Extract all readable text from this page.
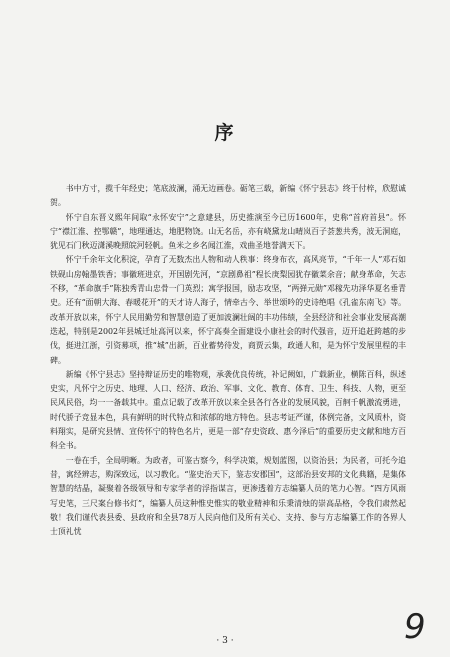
序

书中方寸，揽千年经史；笔底波澜，涌无边画卷。砺笔三载，新编《怀宁县志》终于付梓，欣慰诚贺。

怀宁自东晋义熙年间取“永怀安宁”之意建县，历史推演至今已历1600年，史称“首府首县”。怀宁“襟江淮、控鄂赣”，地理通达，地肥物饶。山无名岳，亦有峣黛龙山晴岚百子荟葱共秀，波无洞庭，犹见石门秋迈潇溪晚照皖河轻帆。鱼米之乡名闻江淮，戏曲圣地誉满天下。

怀宁千余年文化积淀，孕育了无数杰出人物和动人秩事：终身布衣，高风亮节，“千年一人”邓石如铁砚山房翰墨铁香；事徽班进京，开国剧先河，“京剧鼻祖”程长庚梨园犹存徽菜余音；献身革命，矢志不移，“革命旗手”陈独秀青山忠骨一门英烈；寓学报国，励志攻坚，“两弹元勋”邓稼先功泽华夏名垂青史。还有“面朝大海、春暖花开”的天才诗人海子，情牵古今、举世颂吟的史诗绝唱《孔雀东南飞》等。改革开放以来，怀宁人民用勤劳和智慧创造了更加波澜壮阔的丰功伟绩，全县经济和社会事业发展高潮迭起，特别是2002年县城迁址高河以来，怀宁高奏全面建设小康社会的时代强音，迈开追赶跨越的步伐，挺进江浙，引资募项，推“城”出新，百业蓄势待发，商贾云集，政通人和，是为怀宁发展里程的丰碑。

新编《怀宁县志》坚持辩证历史的唯物观，承袭优良传统，补记阙如，广载新业，横陈百科，纵述史实，凡怀宁之历史、地理、人口、经济、政治、军事、文化、教育、体育、卫生、科技、人物，更至民风民俗，均一一备载其中。重点记载了改革开放以来全县各行各业的发展风貌，百舸千帆激流勇进，时代骄子竞显本色，具有鲜明的时代特点和浓郁的地方特色。县志考证严谨，体例完备，文风质朴，资料翔实，是研究县情、宣传怀宁的特色名片，更是一部“存史资政、惠今泽后”的重要历史文献和地方百科全书。

一卷在手，全局明晰。为政者，可鉴古察今，科学决策，规划蓝图，以资治县；为民者，可托今追昔，寓经辨志，购深致远，以习教化。“鉴史治天下，鉴志安郡国”，这部治县安邦的文化典籍，是集体智慧的结晶，凝聚着各级领导和专家学者的浮指谋言，更渗透着方志编纂人员的笔力心智。“四方风雨写史笔，三尺案台修书灯”，编纂人员这种惟史惟实的敬业精神和乐秉清烛的崇高品格，令我们肃然起敬！我们谨代表县委、县政府和全县78万人民向他们及所有关心、支持、参与方志编纂工作的各界人士顶礼忧

· 3 ·	9
